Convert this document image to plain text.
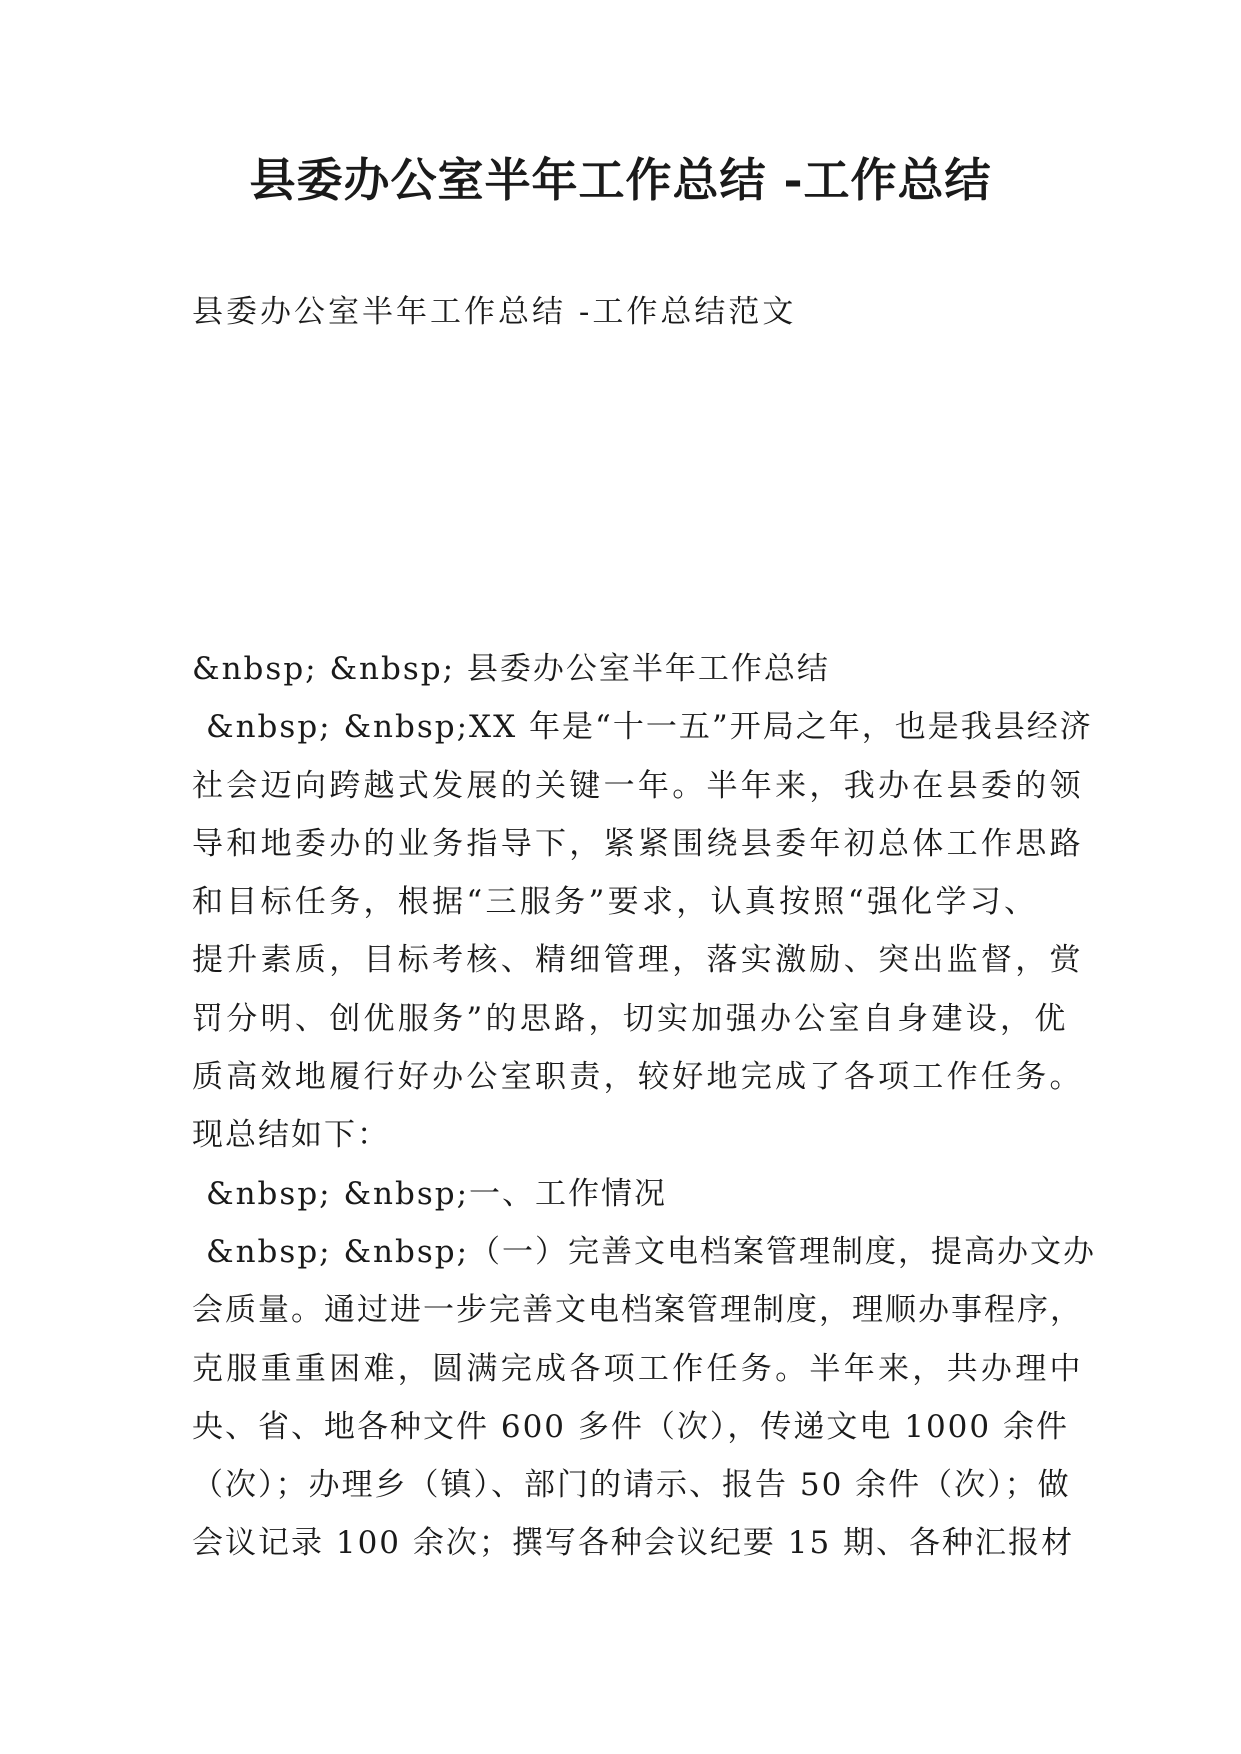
县委办公室半年工作总结 -工作总结

县委办公室半年工作总结 -工作总结范文

&nbsp; &nbsp; 县委办公室半年工作总结
&nbsp; &nbsp;XX 年是“十一五”开局之年，也是我县经济
社会迈向跨越式发展的关键一年。半年来，我办在县委的领
导和地委办的业务指导下，紧紧围绕县委年初总体工作思路
和目标任务，根据“三服务”要求，认真按照“强化学习、
提升素质，目标考核、精细管理，落实激励、突出监督，赏
罚分明、创优服务”的思路，切实加强办公室自身建设，优
质高效地履行好办公室职责，较好地完成了各项工作任务。
现总结如下：
&nbsp; &nbsp;一、工作情况
&nbsp; &nbsp;（一）完善文电档案管理制度，提高办文办
会质量。通过进一步完善文电档案管理制度，理顺办事程序，
克服重重困难，圆满完成各项工作任务。半年来，共办理中
央、省、地各种文件 600 多件（次），传递文电 1000 余件
（次）；办理乡（镇）、部门的请示、报告 50 余件（次）；做
会议记录 100 余次；撰写各种会议纪要 15 期、各种汇报材
